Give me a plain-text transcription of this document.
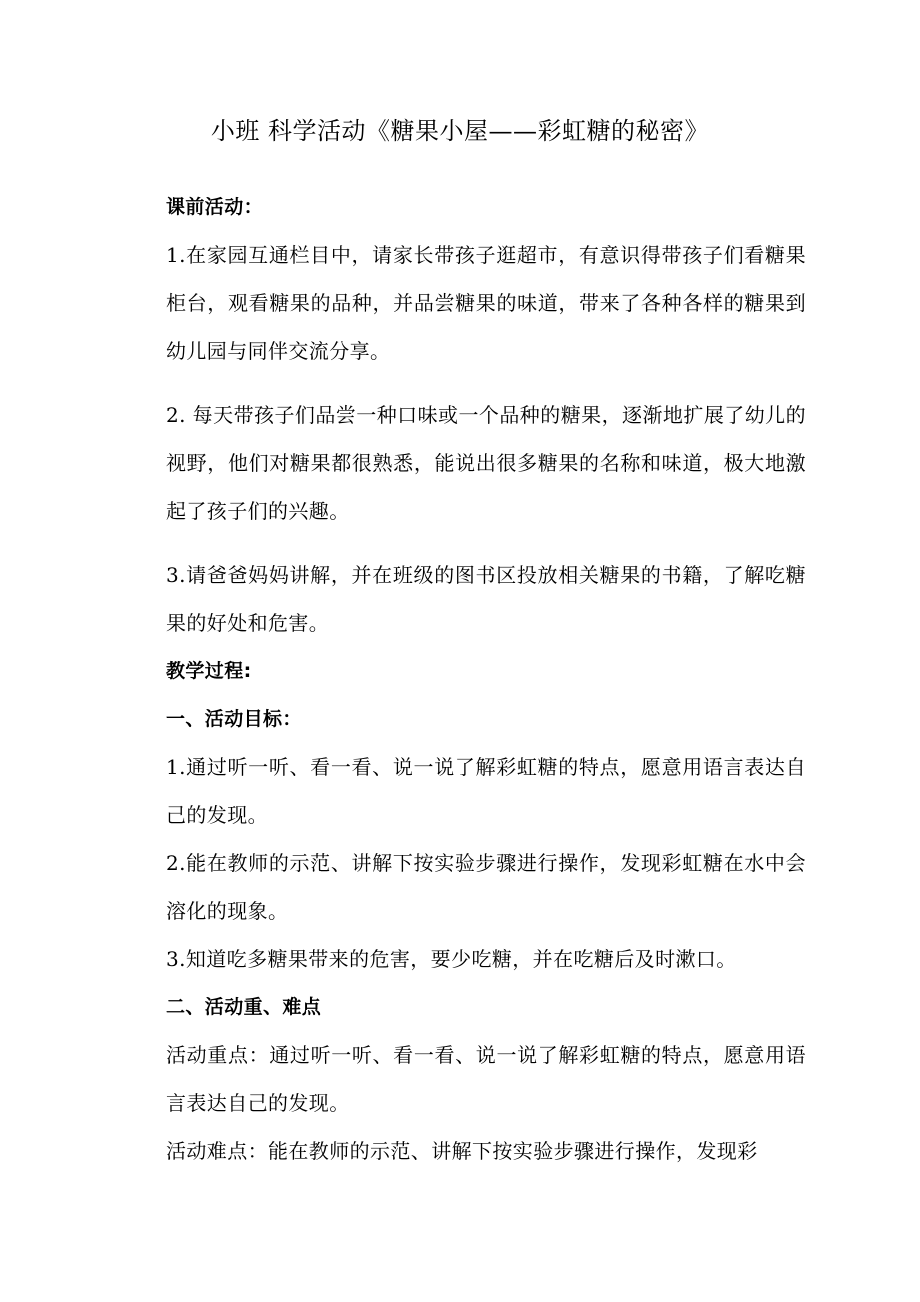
小班 科学活动《糖果小屋——彩虹糖的秘密》

课前活动：

1.在家园互通栏目中，请家长带孩子逛超市，有意识得带孩子们看糖果柜台，观看糖果的品种，并品尝糖果的味道，带来了各种各样的糖果到幼儿园与同伴交流分享。

2. 每天带孩子们品尝一种口味或一个品种的糖果，逐渐地扩展了幼儿的视野，他们对糖果都很熟悉，能说出很多糖果的名称和味道，极大地激起了孩子们的兴趣。

3.请爸爸妈妈讲解，并在班级的图书区投放相关糖果的书籍，了解吃糖果的好处和危害。

教学过程:

一、活动目标：

1.通过听一听、看一看、说一说了解彩虹糖的特点，愿意用语言表达自己的发现。

2.能在教师的示范、讲解下按实验步骤进行操作，发现彩虹糖在水中会溶化的现象。

3.知道吃多糖果带来的危害，要少吃糖，并在吃糖后及时漱口。

二、活动重、难点

活动重点：通过听一听、看一看、说一说了解彩虹糖的特点，愿意用语言表达自己的发现。

活动难点：能在教师的示范、讲解下按实验步骤进行操作，发现彩
